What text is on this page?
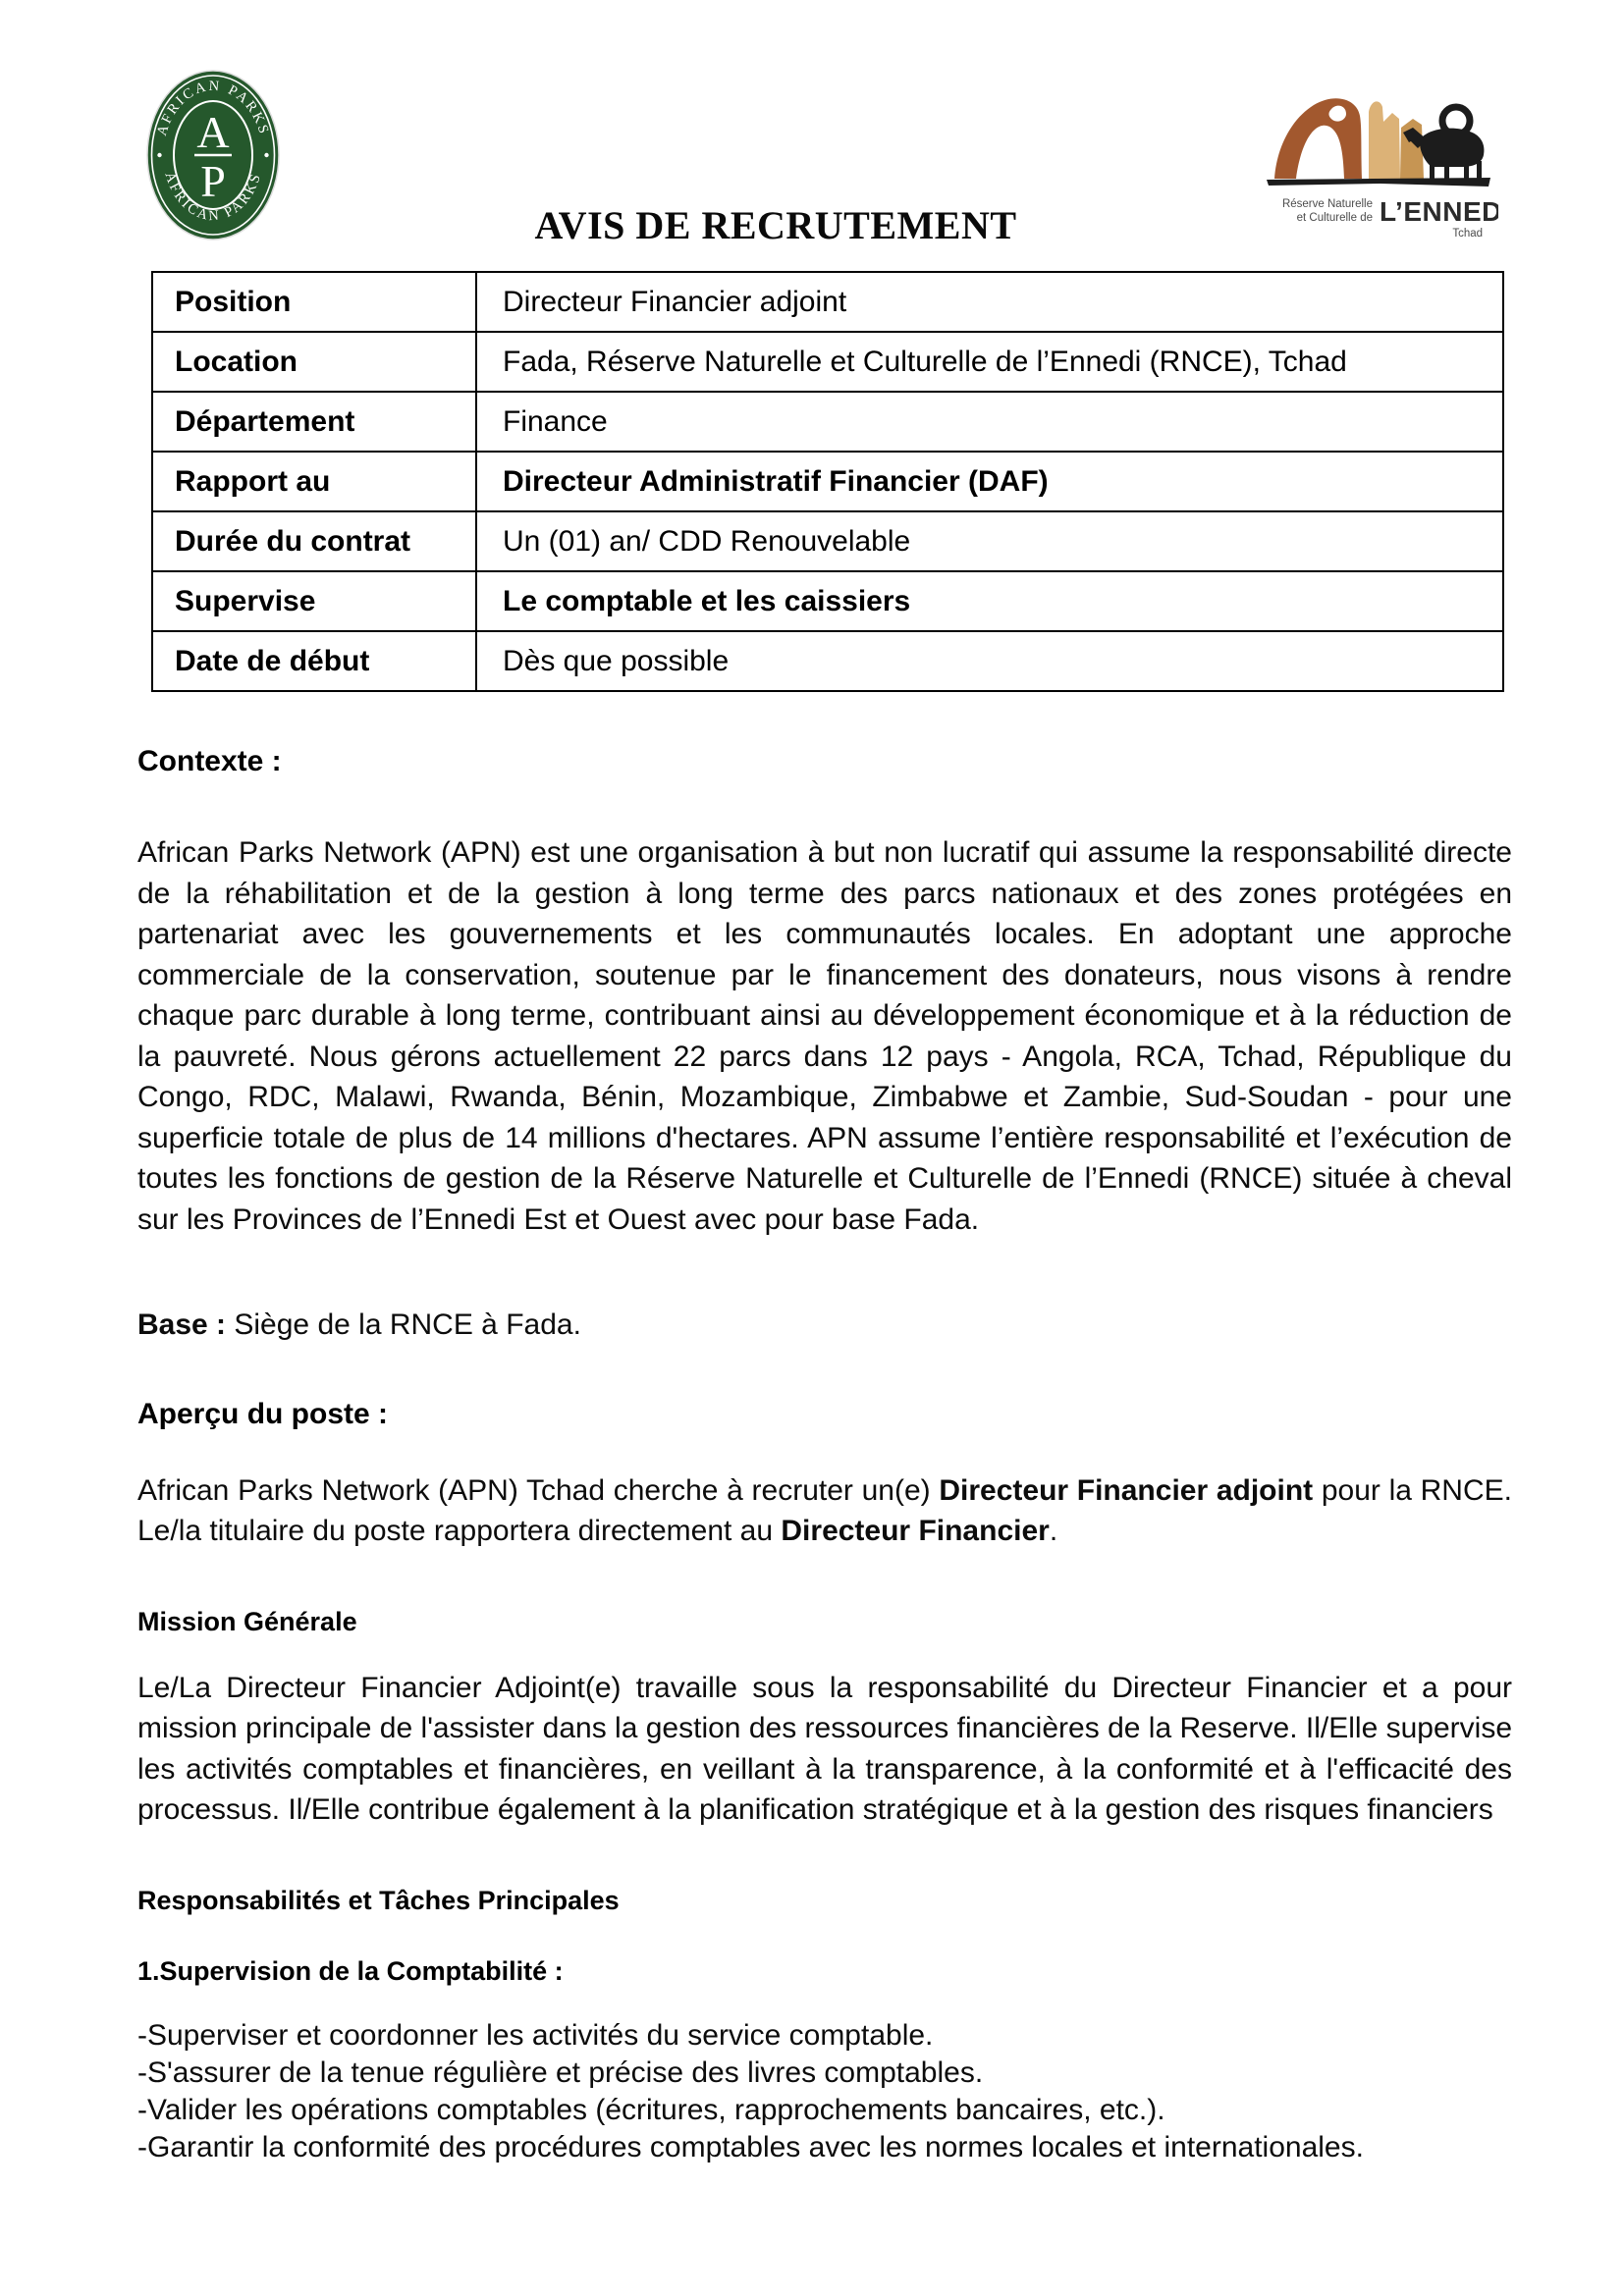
AFRICAN PARKS
AFRICAN PARKS
A
P	Réserve Naturelle
et Culturelle de L’ENNEDI
Tchad
AVIS DE RECRUTEMENT
Position	Directeur Financier adjoint
Location	Fada, Réserve Naturelle et Culturelle de l’Ennedi (RNCE), Tchad
Département	Finance
Rapport au	Directeur Administratif Financier (DAF)
Durée du contrat	Un (01) an/ CDD Renouvelable
Supervise	Le comptable et les caissiers
Date de début	Dès que possible
Contexte :

African Parks Network (APN) est une organisation à but non lucratif qui assume la responsabilité directe de la réhabilitation et de la gestion à long terme des parcs nationaux et des zones protégées en partenariat avec les gouvernements et les communautés locales. En adoptant une approche commerciale de la conservation, soutenue par le financement des donateurs, nous visons à rendre chaque parc durable à long terme, contribuant ainsi au développement économique et à la réduction de la pauvreté. Nous gérons actuellement 22 parcs dans 12 pays - Angola, RCA, Tchad, République du Congo, RDC, Malawi, Rwanda, Bénin, Mozambique, Zimbabwe et Zambie, Sud-Soudan - pour une superficie totale de plus de 14 millions d'hectares. APN assume l’entière responsabilité et l’exécution de toutes les fonctions de gestion de la Réserve Naturelle et Culturelle de l’Ennedi (RNCE) située à cheval sur les Provinces de l’Ennedi Est et Ouest avec pour base Fada.

Base : Siège de la RNCE à Fada.

Aperçu du poste :

African Parks Network (APN) Tchad cherche à recruter un(e) Directeur Financier adjoint pour la RNCE. Le/la titulaire du poste rapportera directement au Directeur Financier.

Mission Générale

Le/La Directeur Financier Adjoint(e) travaille sous la responsabilité du Directeur Financier et a pour mission principale de l'assister dans la gestion des ressources financières de la Reserve. Il/Elle supervise les activités comptables et financières, en veillant à la transparence, à la conformité et à l'efficacité des processus. Il/Elle contribue également à la planification stratégique et à la gestion des risques financiers

Responsabilités et Tâches Principales
1.Supervision de la Comptabilité :
-Superviser et coordonner les activités du service comptable.
-S'assurer de la tenue régulière et précise des livres comptables.
-Valider les opérations comptables (écritures, rapprochements bancaires, etc.).
-Garantir la conformité des procédures comptables avec les normes locales et internationales.
